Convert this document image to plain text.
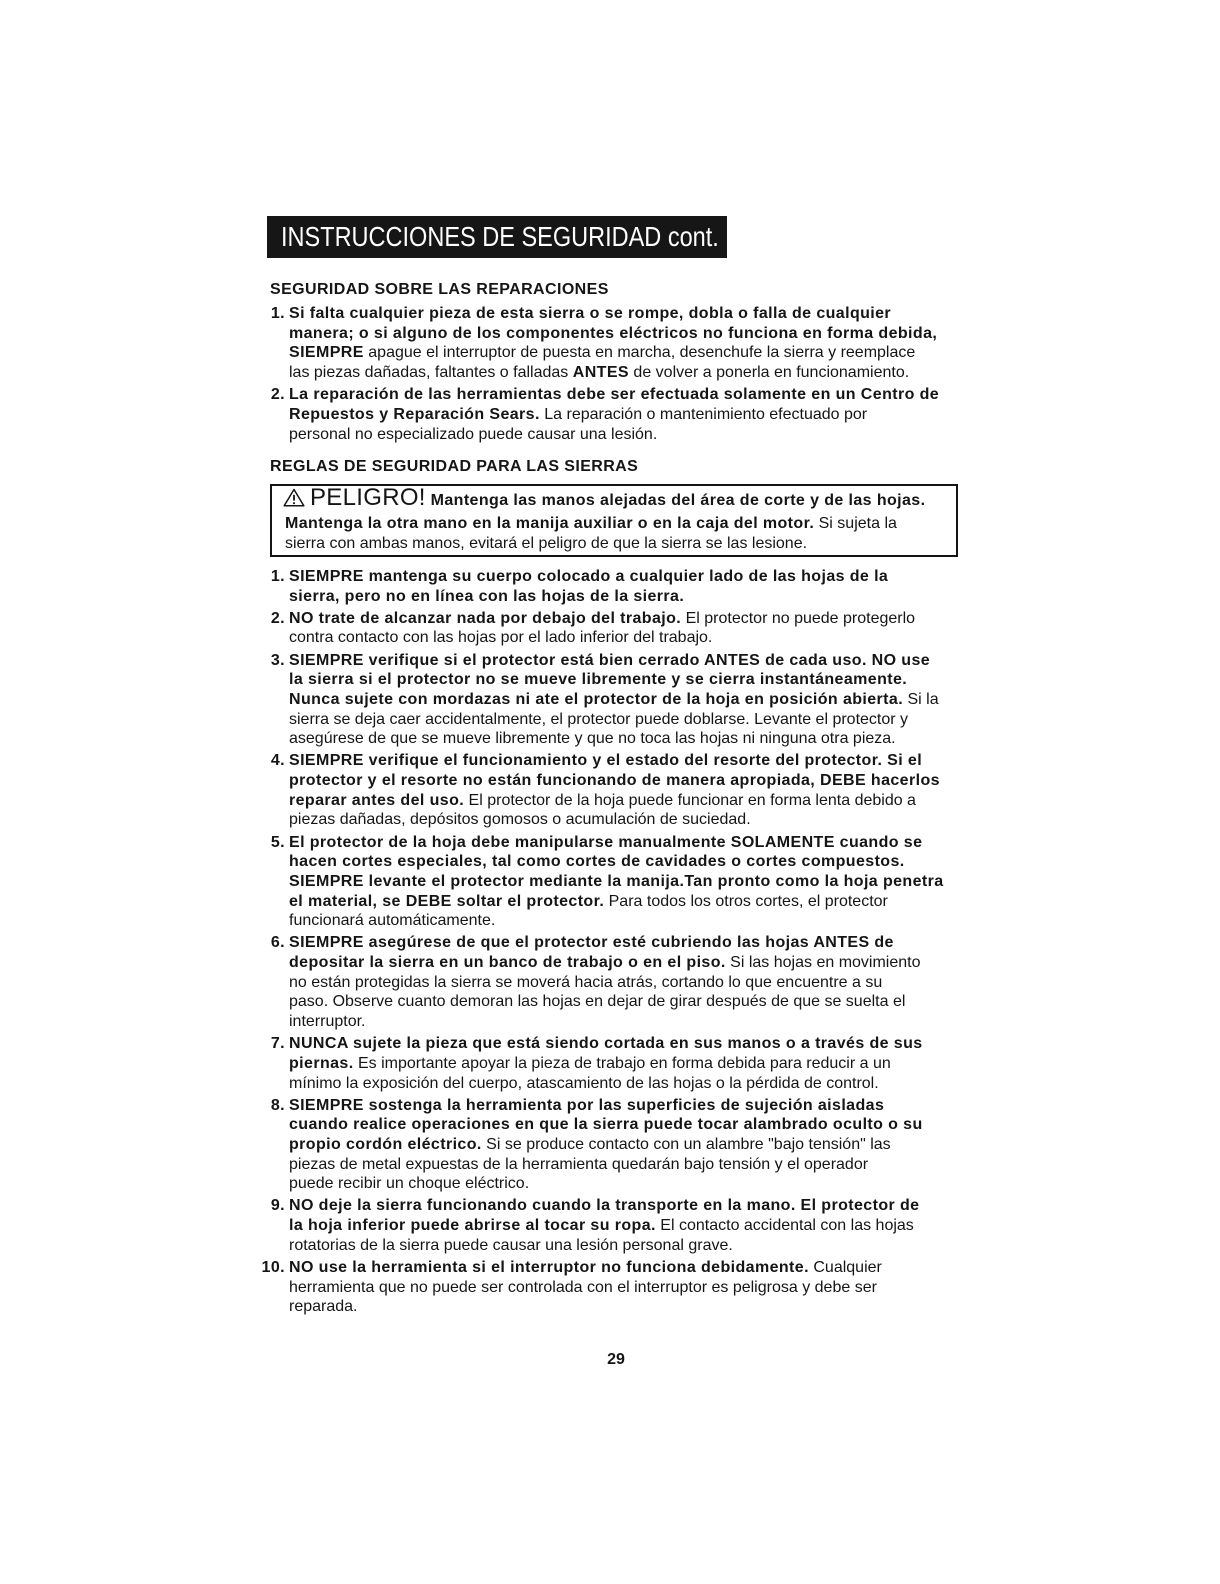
INSTRUCCIONES DE SEGURIDAD cont.
SEGURIDAD SOBRE LAS REPARACIONES
1. Si falta cualquier pieza de esta sierra o se rompe, dobla o falla de cualquier
manera; o si alguno de los componentes eléctricos no funciona en forma debida,
SIEMPRE apague el interruptor de puesta en marcha, desenchufe la sierra y reemplace
las piezas dañadas, faltantes o falladas ANTES de volver a ponerla en funcionamiento.
2. La reparación de las herramientas debe ser efectuada solamente en un Centro de
Repuestos y Reparación Sears. La reparación o mantenimiento efectuado por
personal no especializado puede causar una lesión.
REGLAS DE SEGURIDAD PARA LAS SIERRAS
PELIGRO! Mantenga las manos alejadas del área de corte y de las hojas.
Mantenga la otra mano en la manija auxiliar o en la caja del motor. Si sujeta la
sierra con ambas manos, evitará el peligro de que la sierra se las lesione.
1. SIEMPRE mantenga su cuerpo colocado a cualquier lado de las hojas de la
sierra, pero no en línea con las hojas de la sierra.
2. NO trate de alcanzar nada por debajo del trabajo. El protector no puede protegerlo
contra contacto con las hojas por el lado inferior del trabajo.
3. SIEMPRE verifique si el protector está bien cerrado ANTES de cada uso. NO use
la sierra si el protector no se mueve libremente y se cierra instantáneamente.
Nunca sujete con mordazas ni ate el protector de la hoja en posición abierta. Si la
sierra se deja caer accidentalmente, el protector puede doblarse. Levante el protector y
asegúrese de que se mueve libremente y que no toca las hojas ni ninguna otra pieza.
4. SIEMPRE verifique el funcionamiento y el estado del resorte del protector. Si el
protector y el resorte no están funcionando de manera apropiada, DEBE hacerlos
reparar antes del uso. El protector de la hoja puede funcionar en forma lenta debido a
piezas dañadas, depósitos gomosos o acumulación de suciedad.
5. El protector de la hoja debe manipularse manualmente SOLAMENTE cuando se
hacen cortes especiales, tal como cortes de cavidades o cortes compuestos.
SIEMPRE levante el protector mediante la manija.Tan pronto como la hoja penetra
el material, se DEBE soltar el protector. Para todos los otros cortes, el protector
funcionará automáticamente.
6. SIEMPRE asegúrese de que el protector esté cubriendo las hojas ANTES de
depositar la sierra en un banco de trabajo o en el piso. Si las hojas en movimiento
no están protegidas la sierra se moverá hacia atrás, cortando lo que encuentre a su
paso. Observe cuanto demoran las hojas en dejar de girar después de que se suelta el
interruptor.
7. NUNCA sujete la pieza que está siendo cortada en sus manos o a través de sus
piernas. Es importante apoyar la pieza de trabajo en forma debida para reducir a un
mínimo la exposición del cuerpo, atascamiento de las hojas o la pérdida de control.
8. SIEMPRE sostenga la herramienta por las superficies de sujeción aisladas
cuando realice operaciones en que la sierra puede tocar alambrado oculto o su
propio cordón eléctrico. Si se produce contacto con un alambre "bajo tensión" las
piezas de metal expuestas de la herramienta quedarán bajo tensión y el operador
puede recibir un choque eléctrico.
9. NO deje la sierra funcionando cuando la transporte en la mano. El protector de
la hoja inferior puede abrirse al tocar su ropa. El contacto accidental con las hojas
rotatorias de la sierra puede causar una lesión personal grave.
10. NO use la herramienta si el interruptor no funciona debidamente. Cualquier
herramienta que no puede ser controlada con el interruptor es peligrosa y debe ser
reparada.
29
